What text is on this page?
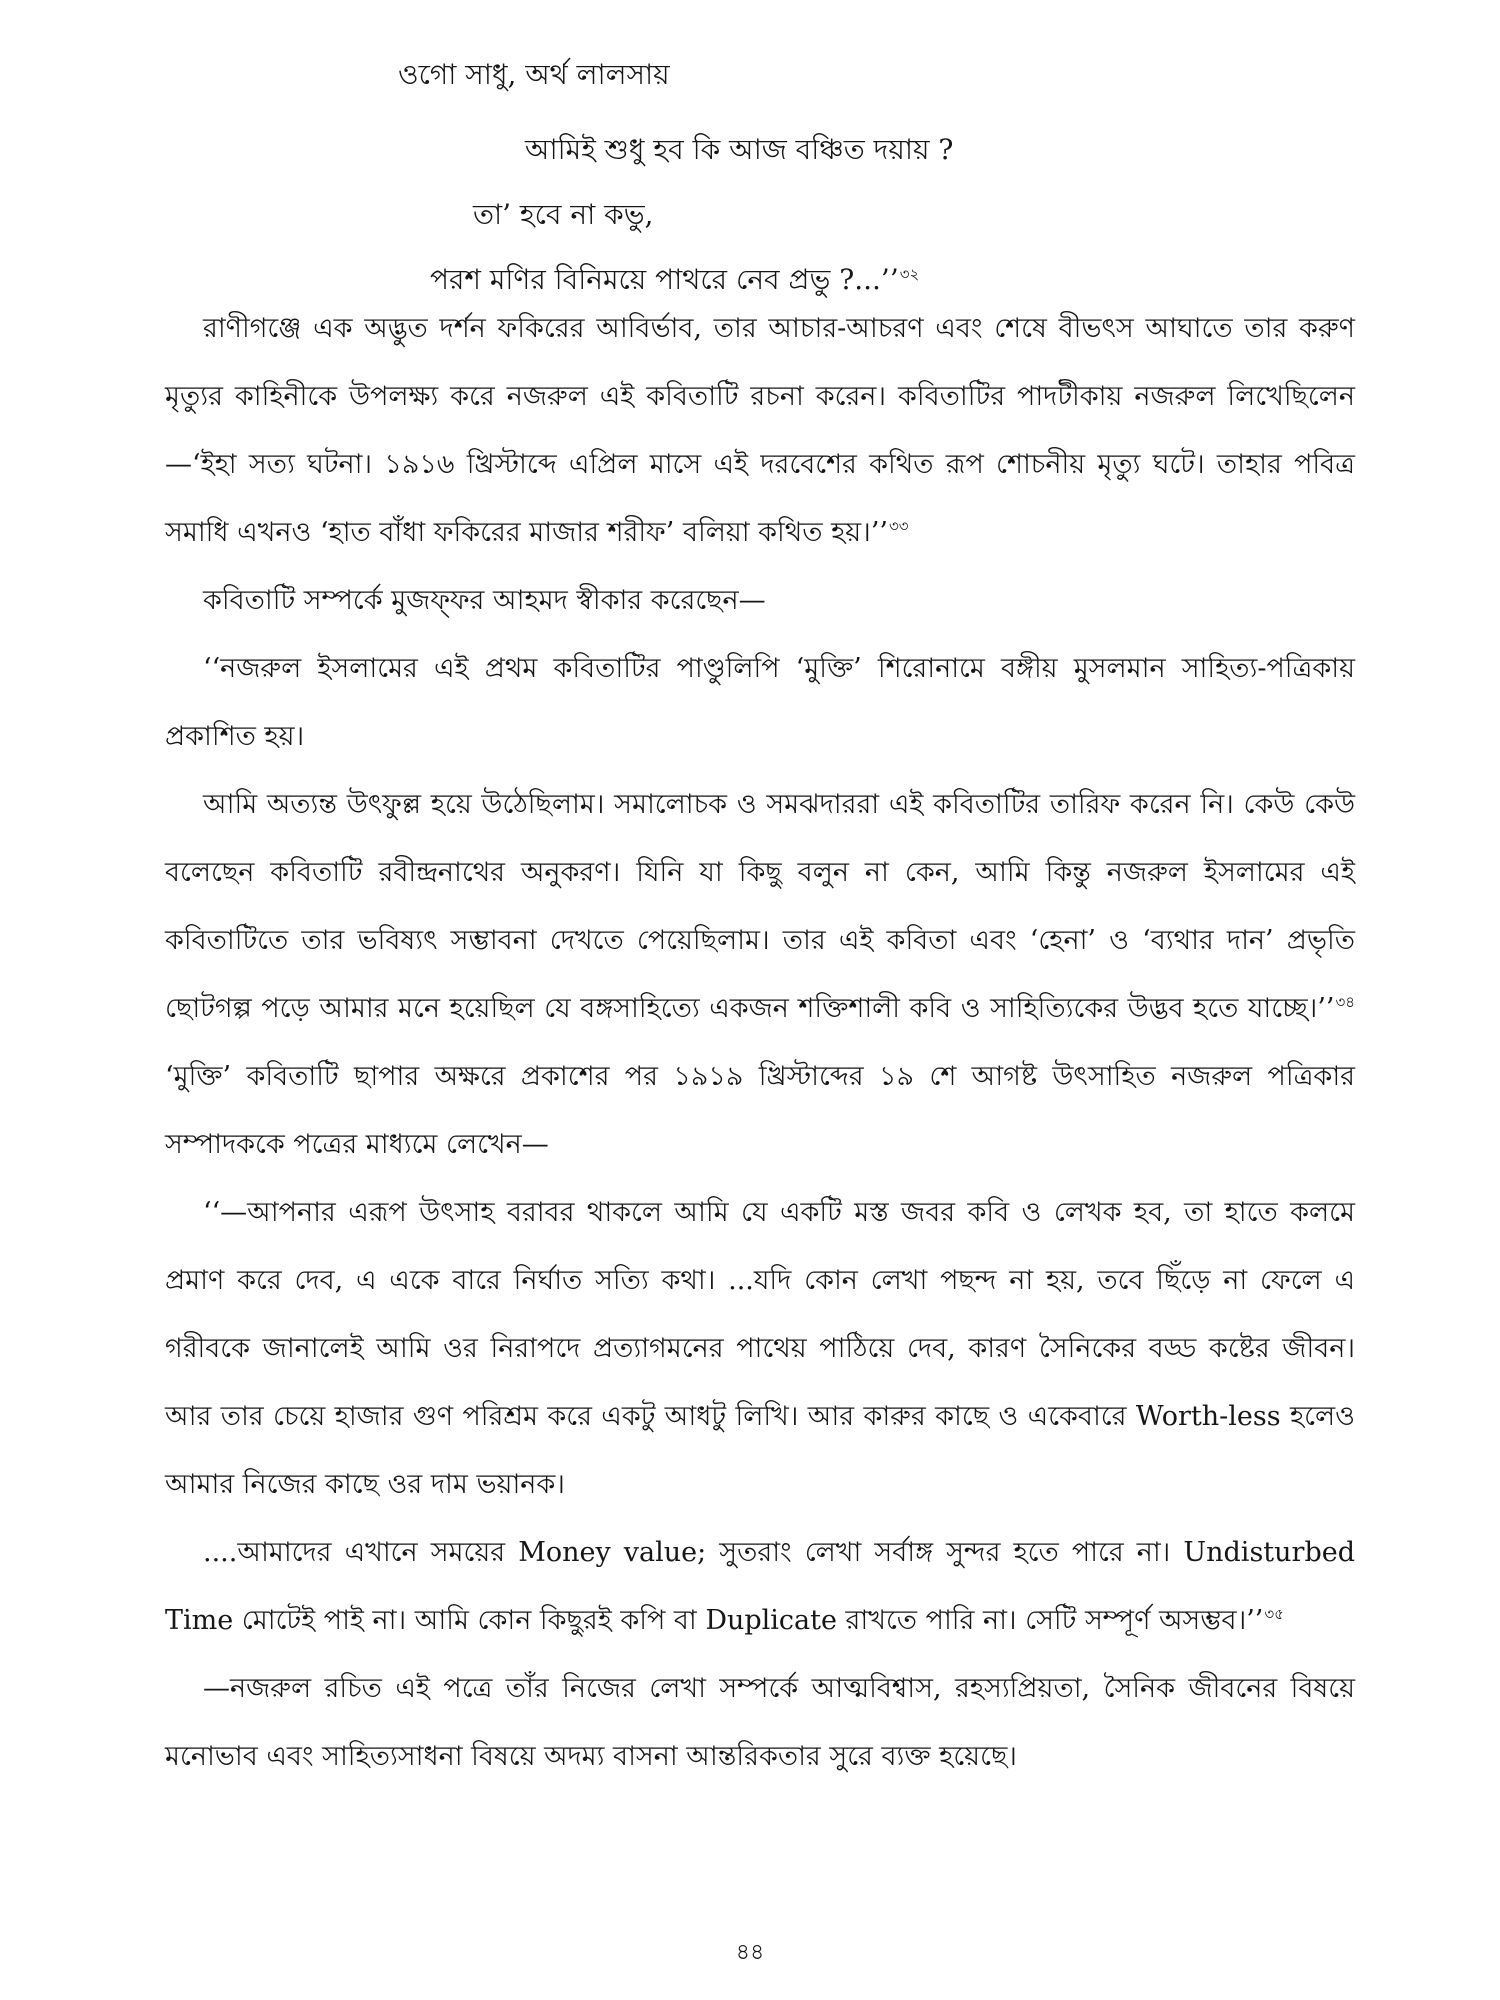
ওগো সাধু, অর্থ লালসায়
আমিই শুধু হব কি আজ বঞ্চিত দয়ায় ?
তা’ হবে না কভু,
পরশ মণির বিনিময়ে পাথরে নেব প্রভু ?...’’$^{৩২}$

রাণীগঞ্জে এক অদ্ভুত দর্শন ফকিরের আবির্ভাব, তার আচার-আচরণ এবং শেষে বীভৎস আঘাতে তার করুণ মৃত্যুর কাহিনীকে উপলক্ষ্য করে নজরুল এই কবিতাটি রচনা করেন। কবিতাটির পাদটীকায় নজরুল লিখেছিলেন—‘ইহা সত্য ঘটনা। ১৯১৬ খ্রিস্টাব্দে এপ্রিল মাসে এই দরবেশের কথিত রূপ শোচনীয় মৃত্যু ঘটে। তাহার পবিত্র সমাধি এখনও ‘হাত বাঁধা ফকিরের মাজার শরীফ’ বলিয়া কথিত হয়।’’$^{৩৩}$

কবিতাটি সম্পর্কে মুজফ্ফর আহমদ স্বীকার করেছেন—

‘‘নজরুল ইসলামের এই প্রথম কবিতাটির পাণ্ডুলিপি ‘মুক্তি’ শিরোনামে বঙ্গীয় মুসলমান সাহিত্য-পত্রিকায় প্রকাশিত হয়।

আমি অত্যন্ত উৎফুল্ল হয়ে উঠেছিলাম। সমালোচক ও সমঝদাররা এই কবিতাটির তারিফ করেন নি। কেউ কেউ বলেছেন কবিতাটি রবীন্দ্রনাথের অনুকরণ। যিনি যা কিছু বলুন না কেন, আমি কিন্তু নজরুল ইসলামের এই কবিতাটিতে তার ভবিষ্যৎ সম্ভাবনা দেখতে পেয়েছিলাম। তার এই কবিতা এবং ‘হেনা’ ও ‘ব্যথার দান’ প্রভৃতি ছোটগল্প পড়ে আমার মনে হয়েছিল যে বঙ্গসাহিত্যে একজন শক্তিশালী কবি ও সাহিত্যিকের উদ্ভব হতে যাচ্ছে।’’$^{৩৪}$ ‘মুক্তি’ কবিতাটি ছাপার অক্ষরে প্রকাশের পর ১৯১৯ খ্রিস্টাব্দের ১৯ শে আগষ্ট উৎসাহিত নজরুল পত্রিকার সম্পাদককে পত্রের মাধ্যমে লেখেন—

‘‘—আপনার এরূপ উৎসাহ বরাবর থাকলে আমি যে একটি মস্ত জবর কবি ও লেখক হব, তা হাতে কলমে প্রমাণ করে দেব, এ একে বারে নির্ঘাত সত্যি কথা। ...যদি কোন লেখা পছন্দ না হয়, তবে ছিঁড়ে না ফেলে এ গরীবকে জানালেই আমি ওর নিরাপদে প্রত্যাগমনের পাথেয় পাঠিয়ে দেব, কারণ সৈনিকের বড্ড কষ্টের জীবন। আর তার চেয়ে হাজার গুণ পরিশ্রম করে একটু আধটু লিখি। আর কারুর কাছে ও একেবারে Worth-less হলেও আমার নিজের কাছে ওর দাম ভয়ানক।

....আমাদের এখানে সময়ের Money value; সুতরাং লেখা সর্বাঙ্গ সুন্দর হতে পারে না। Undisturbed Time মোটেই পাই না। আমি কোন কিছুরই কপি বা Duplicate রাখতে পারি না। সেটি সম্পূর্ণ অসম্ভব।’’$^{৩৫}$

—নজরুল রচিত এই পত্রে তাঁর নিজের লেখা সম্পর্কে আত্মবিশ্বাস, রহস্যপ্রিয়তা, সৈনিক জীবনের বিষয়ে মনোভাব এবং সাহিত্যসাধনা বিষয়ে অদম্য বাসনা আন্তরিকতার সুরে ব্যক্ত হয়েছে।

৪৪
